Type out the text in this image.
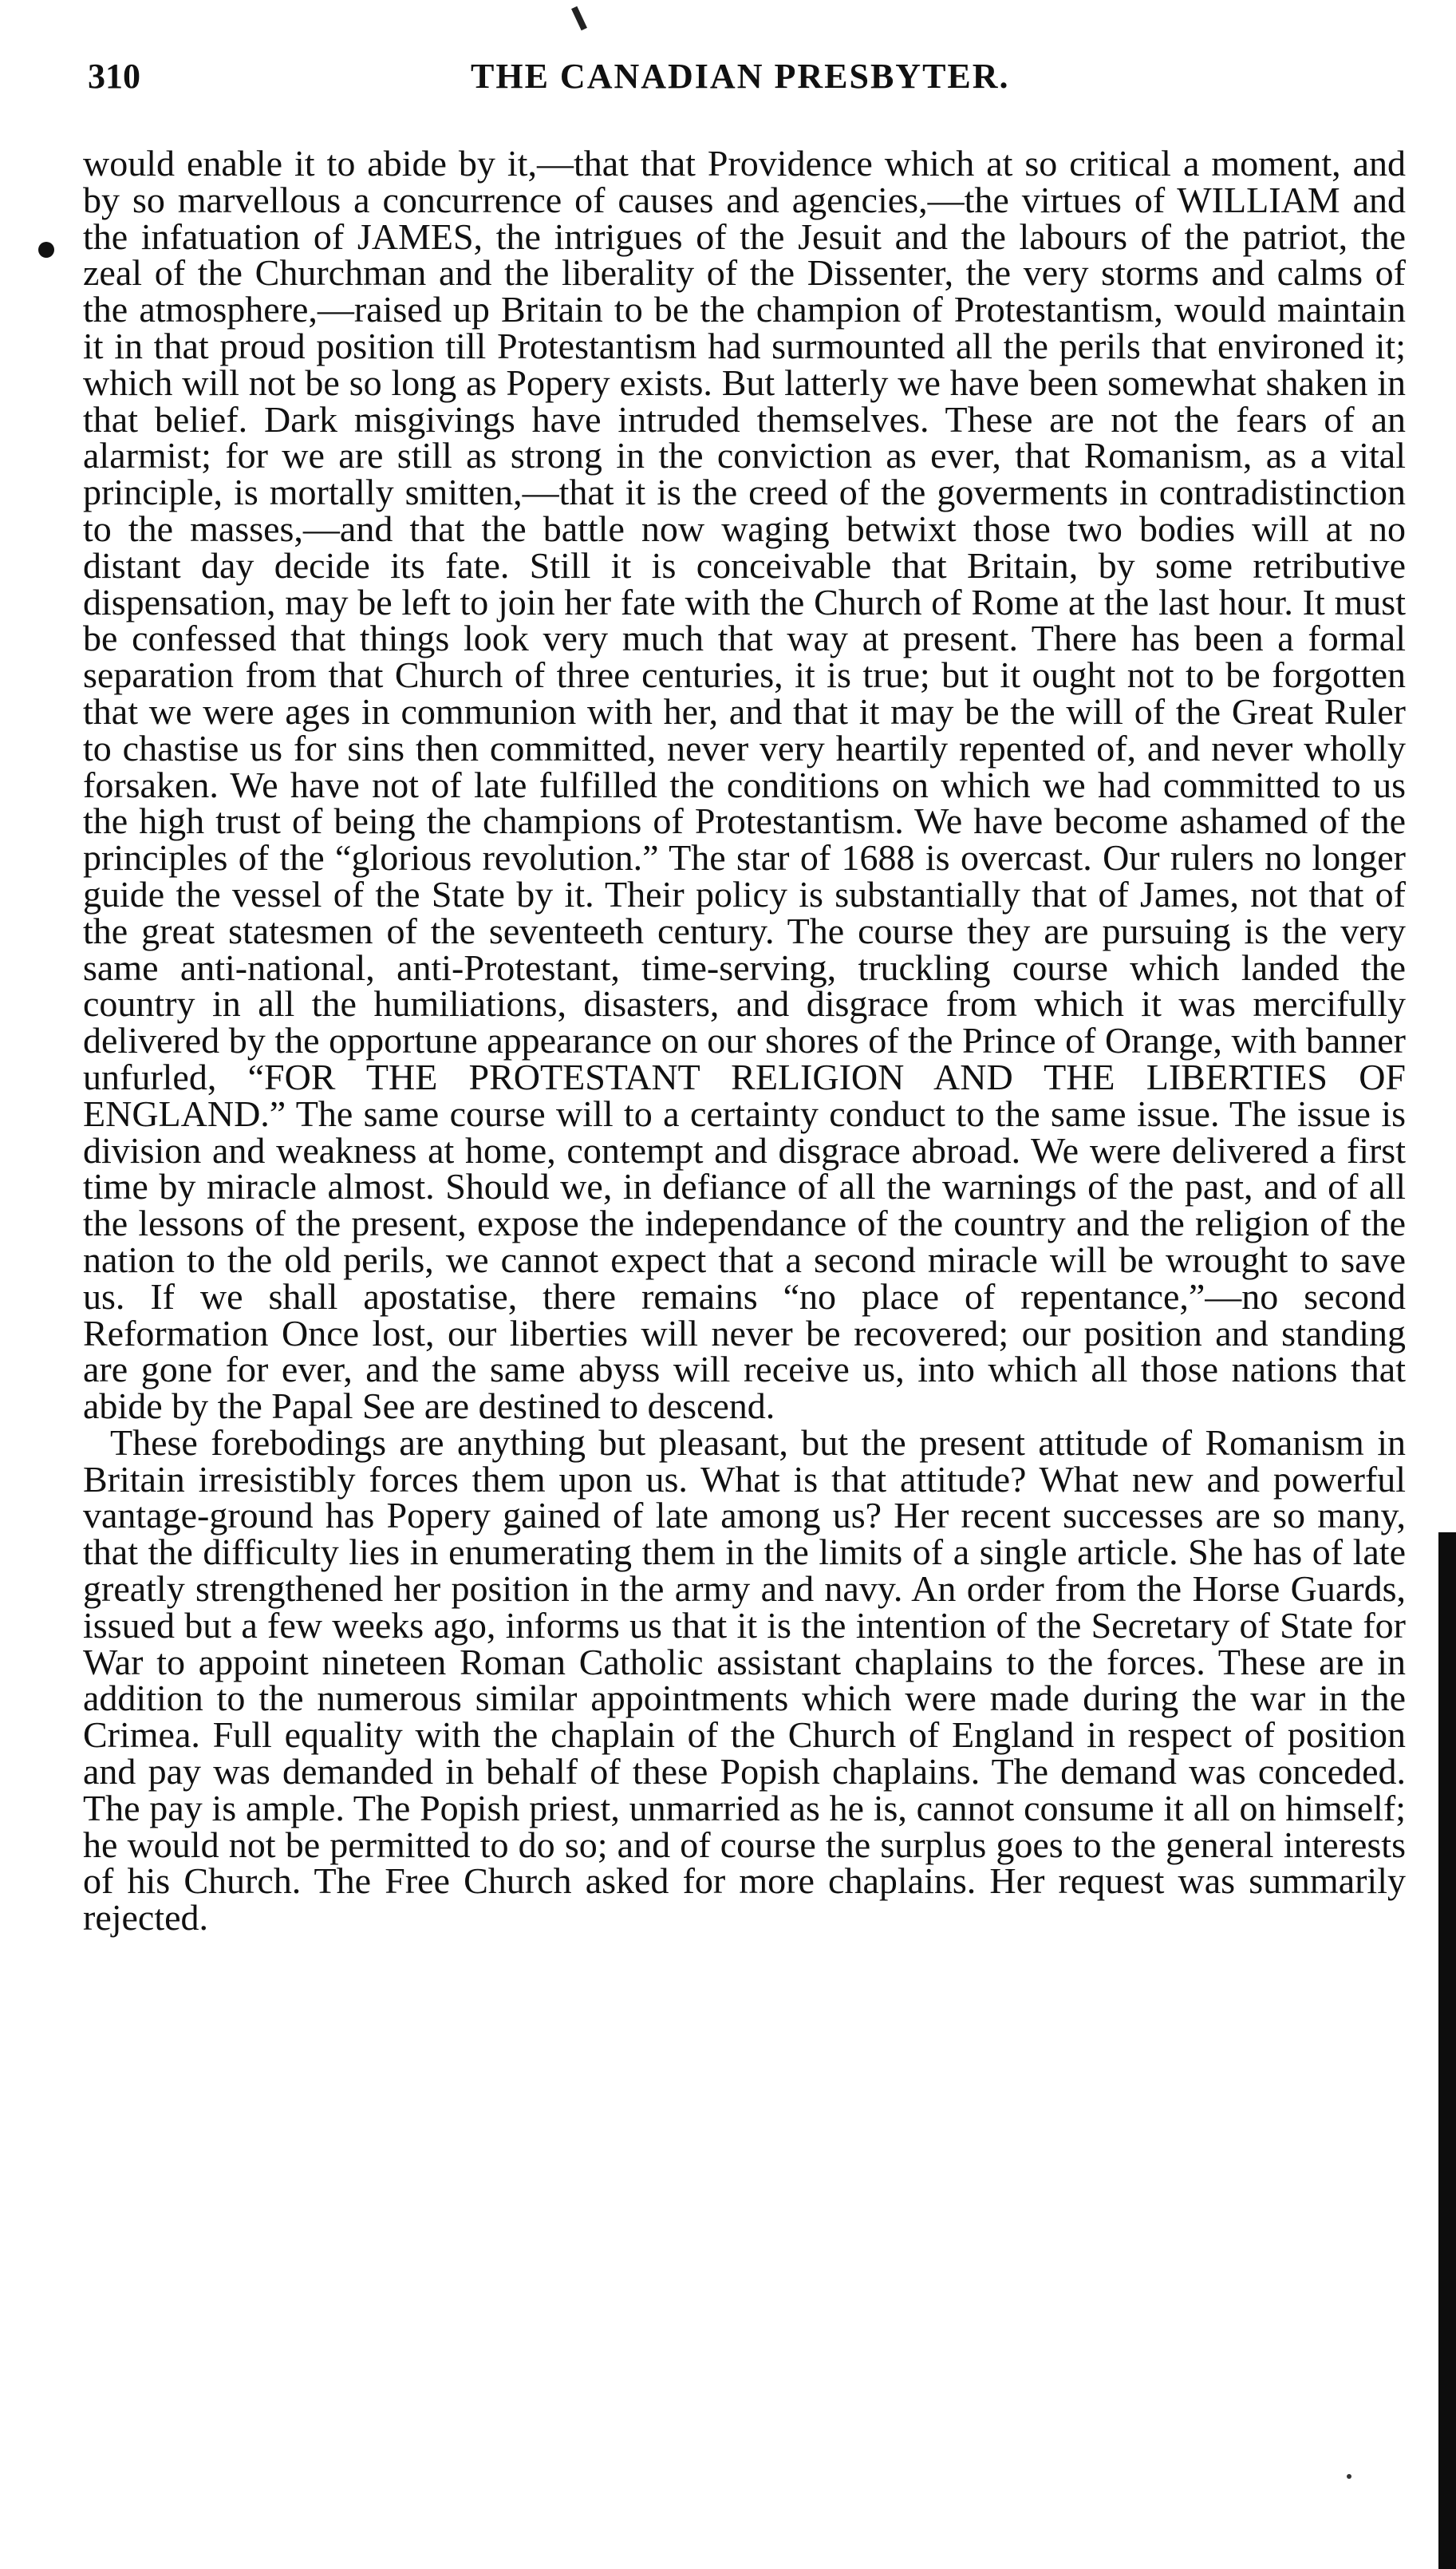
310	THE CANADIAN PRESBYTER.

would enable it to abide by it,—that that Providence which at so critical a moment, and by so marvellous a concurrence of causes and agencies,—the virtues of WILLIAM and the infatuation of JAMES, the intrigues of the Jesuit and the labours of the patriot, the zeal of the Churchman and the liberality of the Dissenter, the very storms and calms of the atmosphere,—raised up Britain to be the champion of Protestantism, would maintain it in that proud position till Protestantism had surmounted all the perils that environed it; which will not be so long as Popery exists. But latterly we have been somewhat shaken in that belief. Dark misgivings have intruded themselves. These are not the fears of an alarmist; for we are still as strong in the conviction as ever, that Romanism, as a vital principle, is mortally smitten,—that it is the creed of the goverments in contradistinction to the masses,—and that the battle now waging betwixt those two bodies will at no distant day decide its fate. Still it is conceivable that Britain, by some retributive dispensation, may be left to join her fate with the Church of Rome at the last hour. It must be confessed that things look very much that way at present. There has been a formal separation from that Church of three centuries, it is true; but it ought not to be forgotten that we were ages in communion with her, and that it may be the will of the Great Ruler to chastise us for sins then committed, never very heartily repented of, and never wholly forsaken. We have not of late fulfilled the conditions on which we had committed to us the high trust of being the champions of Protestantism. We have become ashamed of the principles of the “glorious revolution.” The star of 1688 is overcast. Our rulers no longer guide the vessel of the State by it. Their policy is substantially that of James, not that of the great statesmen of the seventeeth century. The course they are pursuing is the very same anti-national, anti-Protestant, time-serving, truckling course which landed the country in all the humiliations, disasters, and disgrace from which it was mercifully delivered by the opportune appearance on our shores of the Prince of Orange, with banner unfurled, “FOR THE PROTESTANT RELIGION AND THE LIBERTIES OF ENGLAND.” The same course will to a certainty conduct to the same issue. The issue is division and weakness at home, contempt and disgrace abroad. We were delivered a first time by miracle almost. Should we, in defiance of all the warnings of the past, and of all the lessons of the present, expose the independance of the country and the religion of the nation to the old perils, we cannot expect that a second miracle will be wrought to save us. If we shall apostatise, there remains “no place of repentance,”—no second Reformation Once lost, our liberties will never be recovered; our position and standing are gone for ever, and the same abyss will receive us, into which all those nations that abide by the Papal See are destined to descend.

These forebodings are anything but pleasant, but the present attitude of Romanism in Britain irresistibly forces them upon us. What is that attitude? What new and powerful vantage-ground has Popery gained of late among us? Her recent successes are so many, that the difficulty lies in enumerating them in the limits of a single article. She has of late greatly strengthened her position in the army and navy. An order from the Horse Guards, issued but a few weeks ago, informs us that it is the intention of the Secretary of State for War to appoint nineteen Roman Catholic assistant chaplains to the forces. These are in addition to the numerous similar appointments which were made during the war in the Crimea. Full equality with the chaplain of the Church of England in respect of position and pay was demanded in behalf of these Popish chaplains. The demand was conceded. The pay is ample. The Popish priest, unmarried as he is, cannot consume it all on himself; he would not be permitted to do so; and of course the surplus goes to the general interests of his Church. The Free Church asked for more chaplains. Her request was summarily rejected.
